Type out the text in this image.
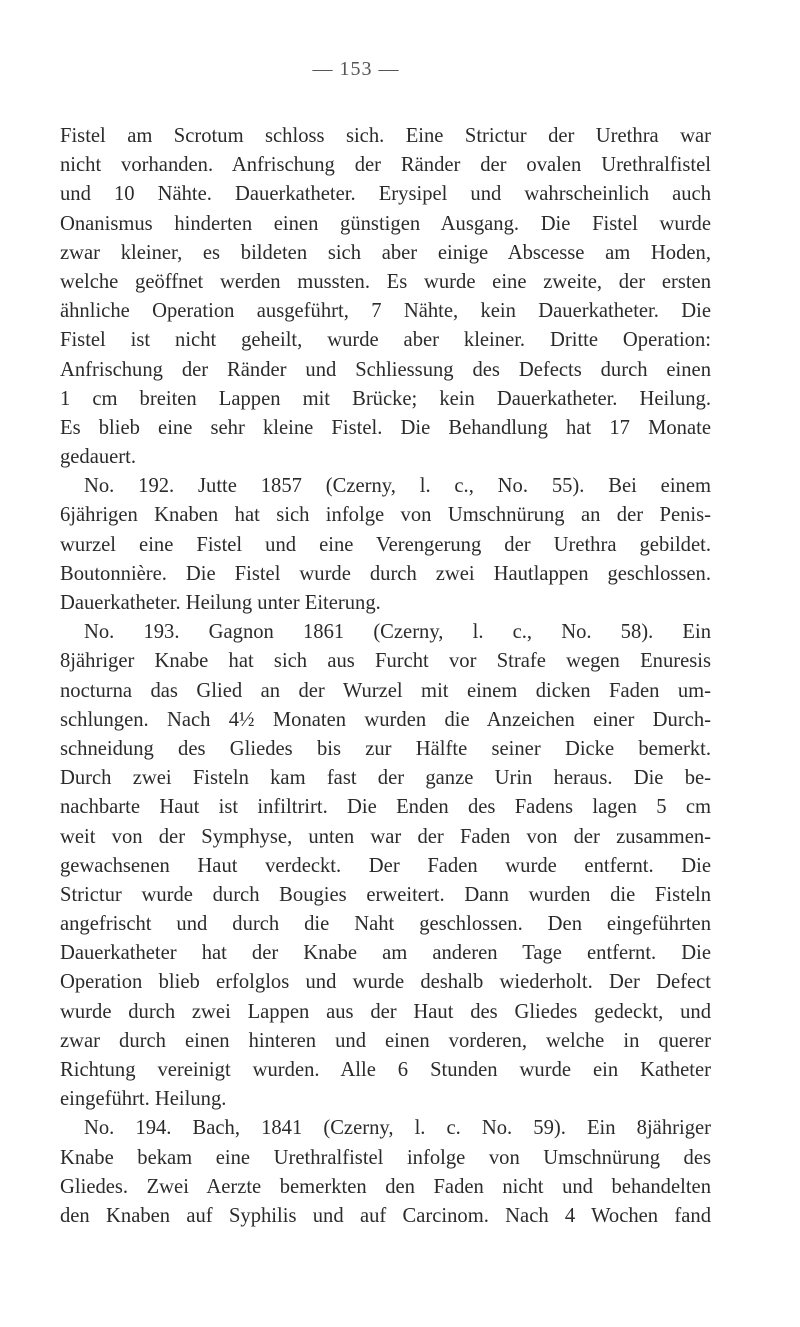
— 153 —
Fistel am Scrotum schloss sich. Eine Strictur der Urethra war
nicht vorhanden. Anfrischung der Ränder der ovalen Urethralfistel
und 10 Nähte. Dauerkatheter. Erysipel und wahrscheinlich auch
Onanismus hinderten einen günstigen Ausgang. Die Fistel wurde
zwar kleiner, es bildeten sich aber einige Abscesse am Hoden,
welche geöffnet werden mussten. Es wurde eine zweite, der ersten
ähnliche Operation ausgeführt, 7 Nähte, kein Dauerkatheter. Die
Fistel ist nicht geheilt, wurde aber kleiner. Dritte Operation:
Anfrischung der Ränder und Schliessung des Defects durch einen
1 cm breiten Lappen mit Brücke; kein Dauerkatheter. Heilung.
Es blieb eine sehr kleine Fistel. Die Behandlung hat 17 Monate
gedauert.
No. 192. Jutte 1857 (Czerny, l. c., No. 55). Bei einem
6jährigen Knaben hat sich infolge von Umschnürung an der Penis-
wurzel eine Fistel und eine Verengerung der Urethra gebildet.
Boutonnière. Die Fistel wurde durch zwei Hautlappen geschlossen.
Dauerkatheter. Heilung unter Eiterung.
No. 193. Gagnon 1861 (Czerny, l. c., No. 58). Ein
8jähriger Knabe hat sich aus Furcht vor Strafe wegen Enuresis
nocturna das Glied an der Wurzel mit einem dicken Faden um-
schlungen. Nach 4½ Monaten wurden die Anzeichen einer Durch-
schneidung des Gliedes bis zur Hälfte seiner Dicke bemerkt.
Durch zwei Fisteln kam fast der ganze Urin heraus. Die be-
nachbarte Haut ist infiltrirt. Die Enden des Fadens lagen 5 cm
weit von der Symphyse, unten war der Faden von der zusammen-
gewachsenen Haut verdeckt. Der Faden wurde entfernt. Die
Strictur wurde durch Bougies erweitert. Dann wurden die Fisteln
angefrischt und durch die Naht geschlossen. Den eingeführten
Dauerkatheter hat der Knabe am anderen Tage entfernt. Die
Operation blieb erfolglos und wurde deshalb wiederholt. Der Defect
wurde durch zwei Lappen aus der Haut des Gliedes gedeckt, und
zwar durch einen hinteren und einen vorderen, welche in querer
Richtung vereinigt wurden. Alle 6 Stunden wurde ein Katheter
eingeführt. Heilung.
No. 194. Bach, 1841 (Czerny, l. c. No. 59). Ein 8jähriger
Knabe bekam eine Urethralfistel infolge von Umschnürung des
Gliedes. Zwei Aerzte bemerkten den Faden nicht und behandelten
den Knaben auf Syphilis und auf Carcinom. Nach 4 Wochen fand
